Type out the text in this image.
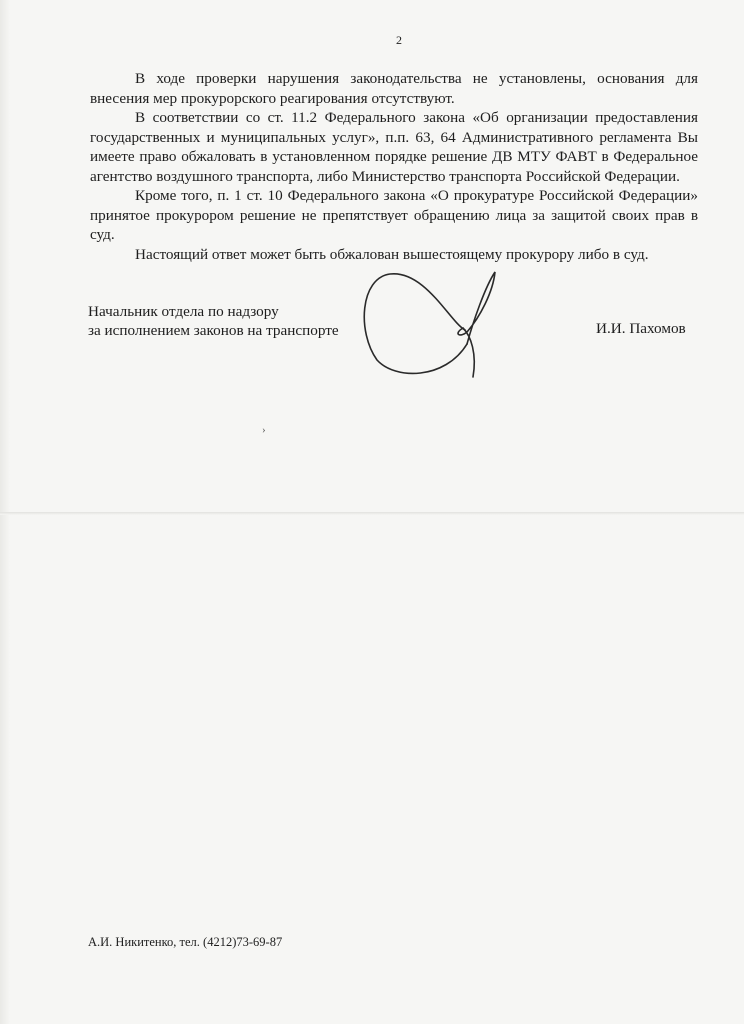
2

В ходе проверки нарушения законодательства не установлены, основания для внесения мер прокурорского реагирования отсутствуют.

В соответствии со ст. 11.2 Федерального закона «Об организации предоставления государственных и муниципальных услуг», п.п. 63, 64 Административного регламента Вы имеете право обжаловать в установленном порядке решение ДВ МТУ ФАВТ в Федеральное агентство воздушного транспорта, либо Министерство транспорта Российской Федерации.

Кроме того, п. 1 ст. 10 Федерального закона «О прокуратуре Российской Федерации» принятое прокурором решение не препятствует обращению лица за защитой своих прав в суд.

Настоящий ответ может быть обжалован вышестоящему прокурору либо в суд.

Начальник отдела по надзору
за исполнением законов на транспорте	И.И. Пахомов
›
А.И. Никитенко, тел. (4212)73-69-87
